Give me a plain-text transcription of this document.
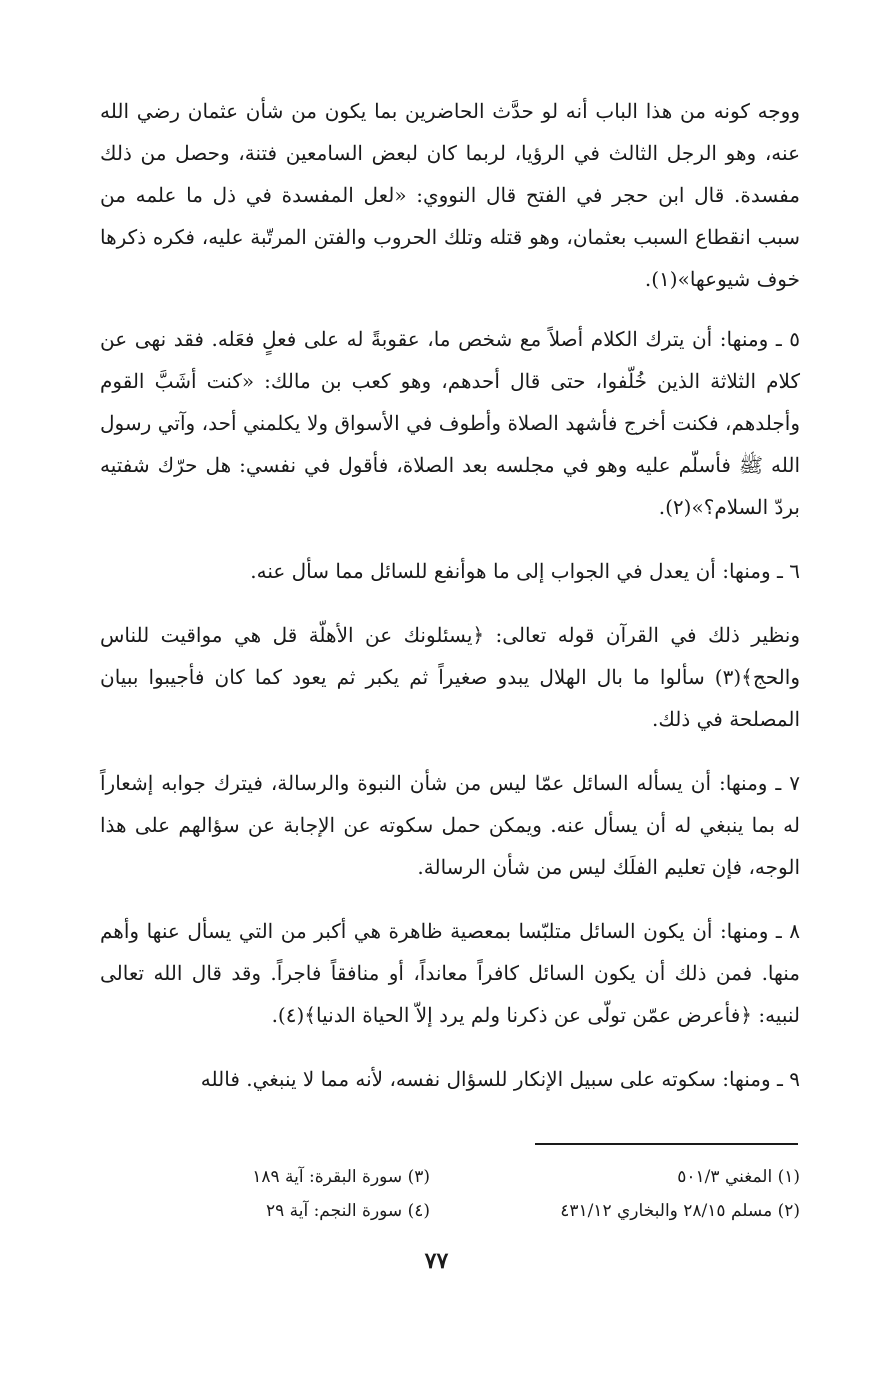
ووجه كونه من هذا الباب أنه لو حدَّث الحاضرين بما يكون من شأن عثمان رضي الله عنه، وهو الرجل الثالث في الرؤيا، لربما كان لبعض السامعين فتنة، وحصل من ذلك مفسدة. قال ابن حجر في الفتح قال النووي: «لعل المفسدة في ذل ما علمه من سبب انقطاع السبب بعثمان، وهو قتله وتلك الحروب والفتن المرتّبة عليه، فكره ذكرها خوف شيوعها»(١).

٥ ـ ومنها: أن يترك الكلام أصلاً مع شخص ما، عقوبةً له على فعلٍ فعَله. فقد نهى عن كلام الثلاثة الذين خُلّفوا، حتى قال أحدهم، وهو كعب بن مالك: «كنت أشَبَّ القوم وأجلدهم، فكنت أخرج فأشهد الصلاة وأطوف في الأسواق ولا يكلمني أحد، وآتي رسول الله ﷺ فأسلّم عليه وهو في مجلسه بعد الصلاة، فأقول في نفسي: هل حرّك شفتيه بردّ السلام؟»(٢).

٦ ـ ومنها: أن يعدل في الجواب إلى ما هوأنفع للسائل مما سأل عنه.

ونظير ذلك في القرآن قوله تعالى: ﴿يسئلونك عن الأهلّة قل هي مواقيت للناس والحج﴾(٣) سألوا ما بال الهلال يبدو صغيراً ثم يكبر ثم يعود كما كان فأجيبوا ببيان المصلحة في ذلك.

٧ ـ ومنها: أن يسأله السائل عمّا ليس من شأن النبوة والرسالة، فيترك جوابه إشعاراً له بما ينبغي له أن يسأل عنه. ويمكن حمل سكوته عن الإجابة عن سؤالهم على هذا الوجه، فإن تعليم الفلَك ليس من شأن الرسالة.

٨ ـ ومنها: أن يكون السائل متلبّسا بمعصية ظاهرة هي أكبر من التي يسأل عنها وأهم منها. فمن ذلك أن يكون السائل كافراً معانداً، أو منافقاً فاجراً. وقد قال الله تعالى لنبيه: ﴿فأعرض عمّن تولّى عن ذكرنا ولم يرد إلاّ الحياة الدنيا﴾(٤).

٩ ـ ومنها: سكوته على سبيل الإنكار للسؤال نفسه، لأنه مما لا ينبغي. فالله

(١) المغني ٥٠١/٣
(٣) سورة البقرة: آية ١٨٩
(٢) مسلم ٢٨/١٥ والبخاري ٤٣١/١٢
(٤) سورة النجم: آية ٢٩
٧٧
